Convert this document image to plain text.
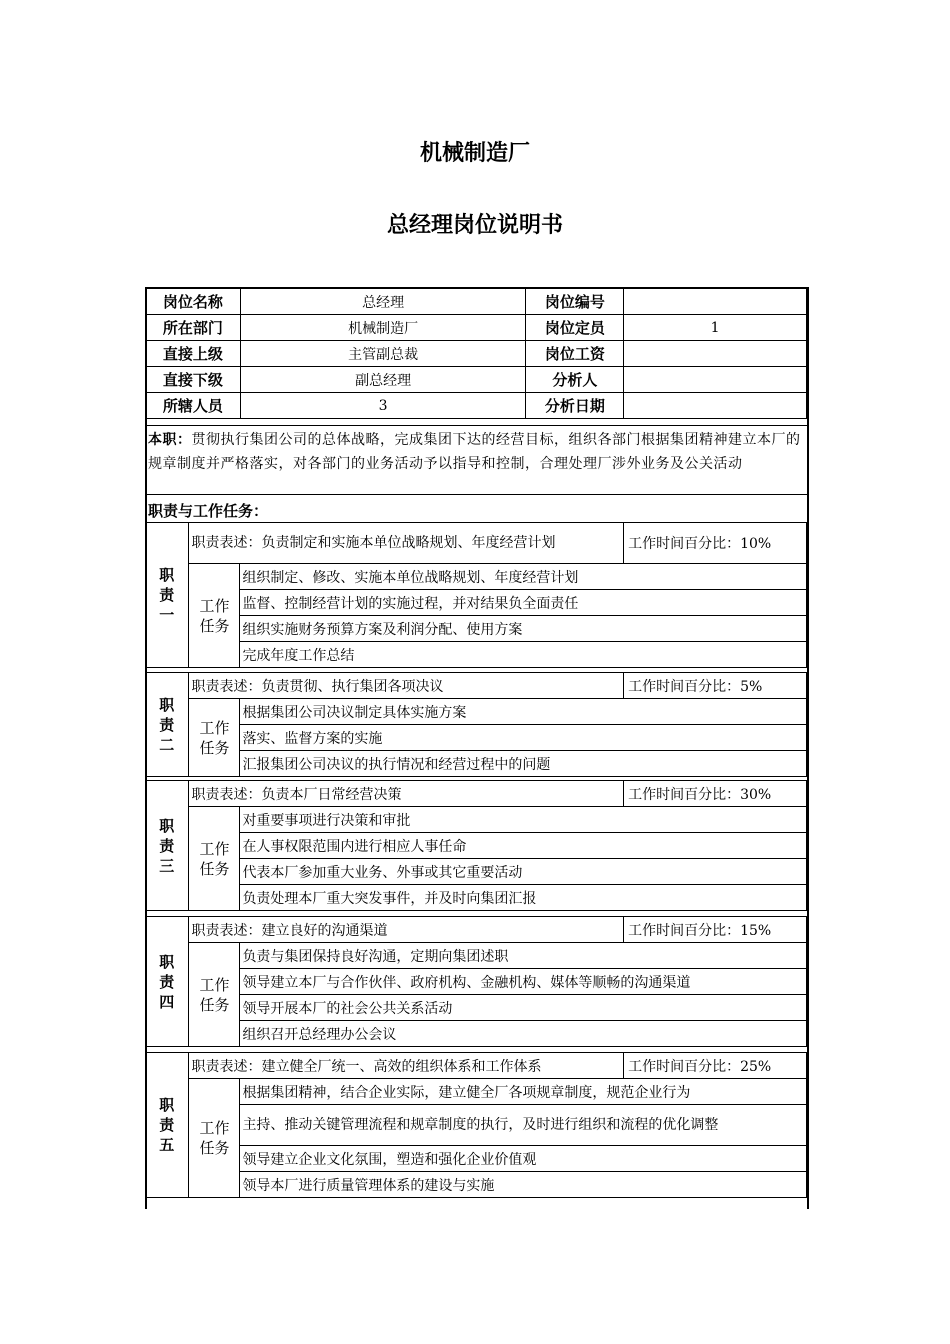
机械制造厂
总经理岗位说明书
岗位名称	总经理	岗位编号	
所在部门	机械制造厂	岗位定员	1
直接上级	主管副总裁	岗位工资	
直接下级	副总经理	分析人	
所辖人员	3	分析日期	
本职：贯彻执行集团公司的总体战略，完成集团下达的经营目标，组织各部门根据集团精神建立本厂的规章制度并严格落实，对各部门的业务活动予以指导和控制，合理处理厂涉外业务及公关活动
职责与工作任务：
职
责
一	职责表述：负责制定和实施本单位战略规划、年度经营计划		工作时间百分比：10%

	工作
任务	组织制定、修改、实施本单位战略规划、年度经营计划	
		监督、控制经营计划的实施过程，并对结果负全面责任	
		组织实施财务预算方案及利润分配、使用方案	
		完成年度工作总结	
职
责
二	职责表述：负责贯彻、执行集团各项决议		工作时间百分比：5%

	工作
任务	根据集团公司决议制定具体实施方案	
		落实、监督方案的实施	
		汇报集团公司决议的执行情况和经营过程中的问题	
职
责
三	职责表述：负责本厂日常经营决策		工作时间百分比：30%

	工作
任务	对重要事项进行决策和审批	
		在人事权限范围内进行相应人事任命	
		代表本厂参加重大业务、外事或其它重要活动	
		负责处理本厂重大突发事件，并及时向集团汇报	
职
责
四	职责表述：建立良好的沟通渠道		工作时间百分比：15%

	工作
任务	负责与集团保持良好沟通，定期向集团述职	
		领导建立本厂与合作伙伴、政府机构、金融机构、媒体等顺畅的沟通渠道	
		领导开展本厂的社会公共关系活动	
		组织召开总经理办公会议	
职
责
五	职责表述：建立健全厂统一、高效的组织体系和工作体系		工作时间百分比：25%

	工作
任务	根据集团精神，结合企业实际，建立健全厂各项规章制度，规范企业行为	
		主持、推动关键管理流程和规章制度的执行，及时进行组织和流程的优化调整	
		领导建立企业文化氛围，塑造和强化企业价值观	
		领导本厂进行质量管理体系的建设与实施	
